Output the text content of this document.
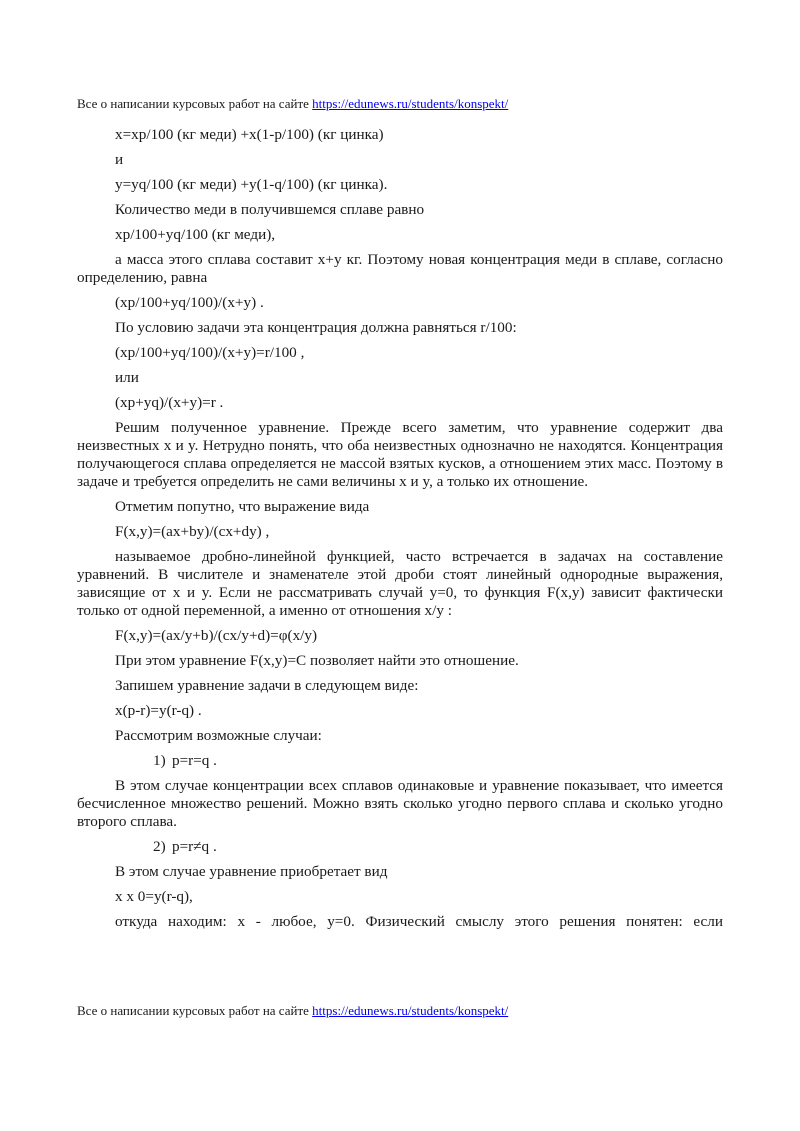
Все о написании курсовых работ на сайте https://edunews.ru/students/konspekt/

x=xp/100 (кг меди) +x(1-p/100) (кг цинка)

и

y=yq/100 (кг меди) +y(1-q/100) (кг цинка).

Количество меди в получившемся сплаве равно

xp/100+yq/100 (кг меди),

а масса этого сплава составит x+y кг. Поэтому новая концентрация меди в сплаве, согласно определению, равна

(xp/100+yq/100)/(x+y) .

По условию задачи эта концентрация должна равняться r/100:

(xp/100+yq/100)/(x+y)=r/100 ,

или

(xp+yq)/(x+y)=r .

Решим полученное уравнение. Прежде всего заметим, что уравнение содержит два неизвестных x и y. Нетрудно понять, что оба неизвестных однозначно не находятся. Концентрация получающегося сплава определяется не массой взятых кусков, а отношением этих масс. Поэтому в задаче и требуется определить не сами величины x и y, а только их отношение.

Отметим попутно, что выражение вида

F(x,y)=(ax+by)/(cx+dy) ,

называемое дробно-линейной функцией, часто встречается в задачах на составление уравнений. В числителе и знаменателе этой дроби стоят линейный однородные выражения, зависящие от x и y. Если не рассматривать случай y=0, то функция F(x,y) зависит фактически только от одной переменной, а именно от отношения x/y :

F(x,y)=(ax/y+b)/(cx/y+d)=φ(x/y)

При этом уравнение F(x,y)=C позволяет найти это отношение.

Запишем уравнение задачи в следующем виде:

x(p-r)=y(r-q) .

Рассмотрим возможные случаи:

1) p=r=q .

В этом случае концентрации всех сплавов одинаковые и уравнение показывает, что имеется бесчисленное множество решений. Можно взять сколько угодно первого сплава и сколько угодно второго сплава.

2) p=r≠q .

В этом случае уравнение приобретает вид

x x 0=y(r-q),

откуда находим: x - любое, y=0. Физический смыслу этого решения понятен: если

Все о написании курсовых работ на сайте https://edunews.ru/students/konspekt/
